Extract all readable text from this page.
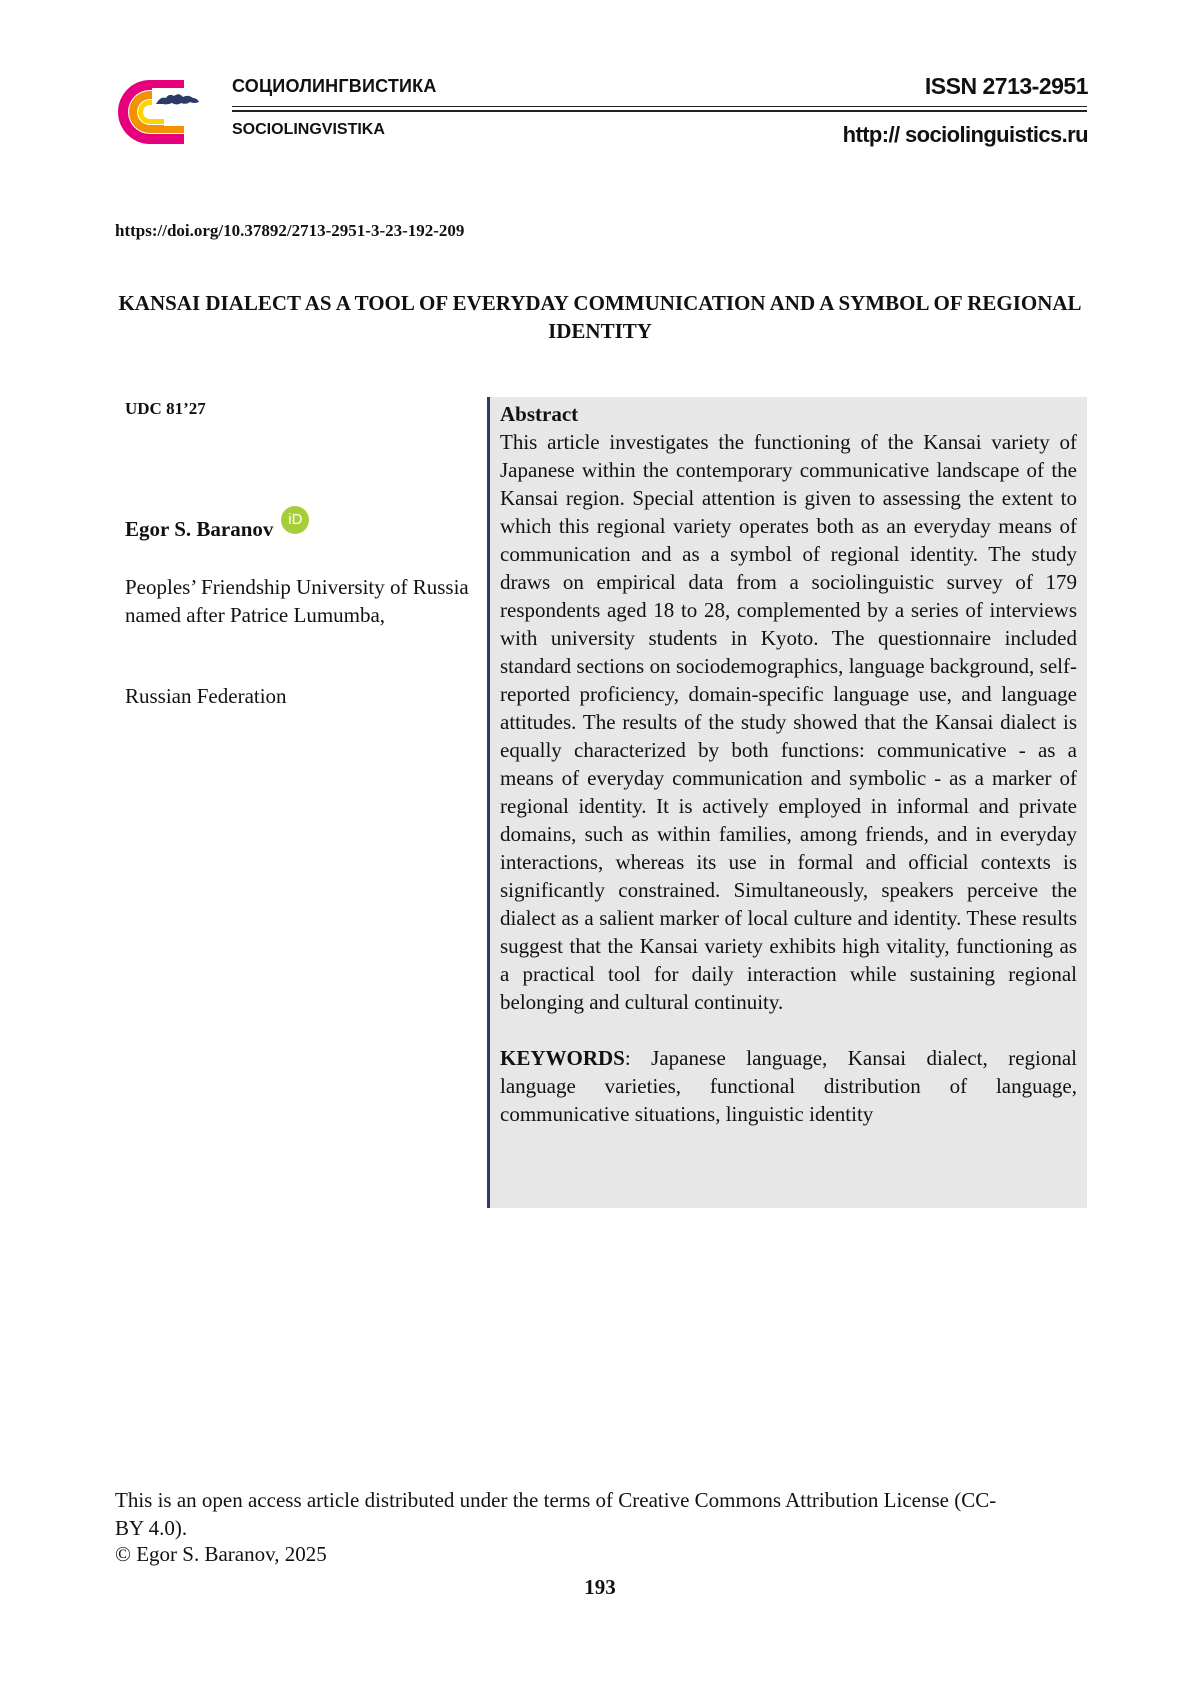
СОЦИОЛИНГВИСТИКА
SOCIOLINGVISTIKA
ISSN 2713-2951
http:// sociolinguistics.ru
https://doi.org/10.37892/2713-2951-3-23-192-209
KANSAI DIALECT AS A TOOL OF EVERYDAY COMMUNICATION AND A SYMBOL OF REGIONAL IDENTITY
UDC 81’27
Egor S. Baranov iD
Peoples’ Friendship University of Russia named after Patrice Lumumba,
Russian Federation
Abstract

This article investigates the functioning of the Kansai variety of Japanese within the contemporary communicative landscape of the Kansai region. Special attention is given to assessing the extent to which this regional variety operates both as an everyday means of communication and as a symbol of regional identity. The study draws on empirical data from a sociolinguistic survey of 179 respondents aged 18 to 28, complemented by a series of interviews with university students in Kyoto. The questionnaire included standard sections on sociodemographics, language background, self-reported proficiency, domain-specific language use, and language attitudes. The results of the study showed that the Kansai dialect is equally characterized by both functions: communicative - as a means of everyday communication and symbolic - as a marker of regional identity. It is actively employed in informal and private domains, such as within families, among friends, and in everyday interactions, whereas its use in formal and official contexts is significantly constrained. Simultaneously, speakers perceive the dialect as a salient marker of local culture and identity. These results suggest that the Kansai variety exhibits high vitality, functioning as a practical tool for daily interaction while sustaining regional belonging and cultural continuity.

KEYWORDS: Japanese language, Kansai dialect, regional language varieties, functional distribution of language, communicative situations, linguistic identity
This is an open access article distributed under the terms of Creative Commons Attribution License (CC-BY 4.0).
© Egor S. Baranov, 2025
193
